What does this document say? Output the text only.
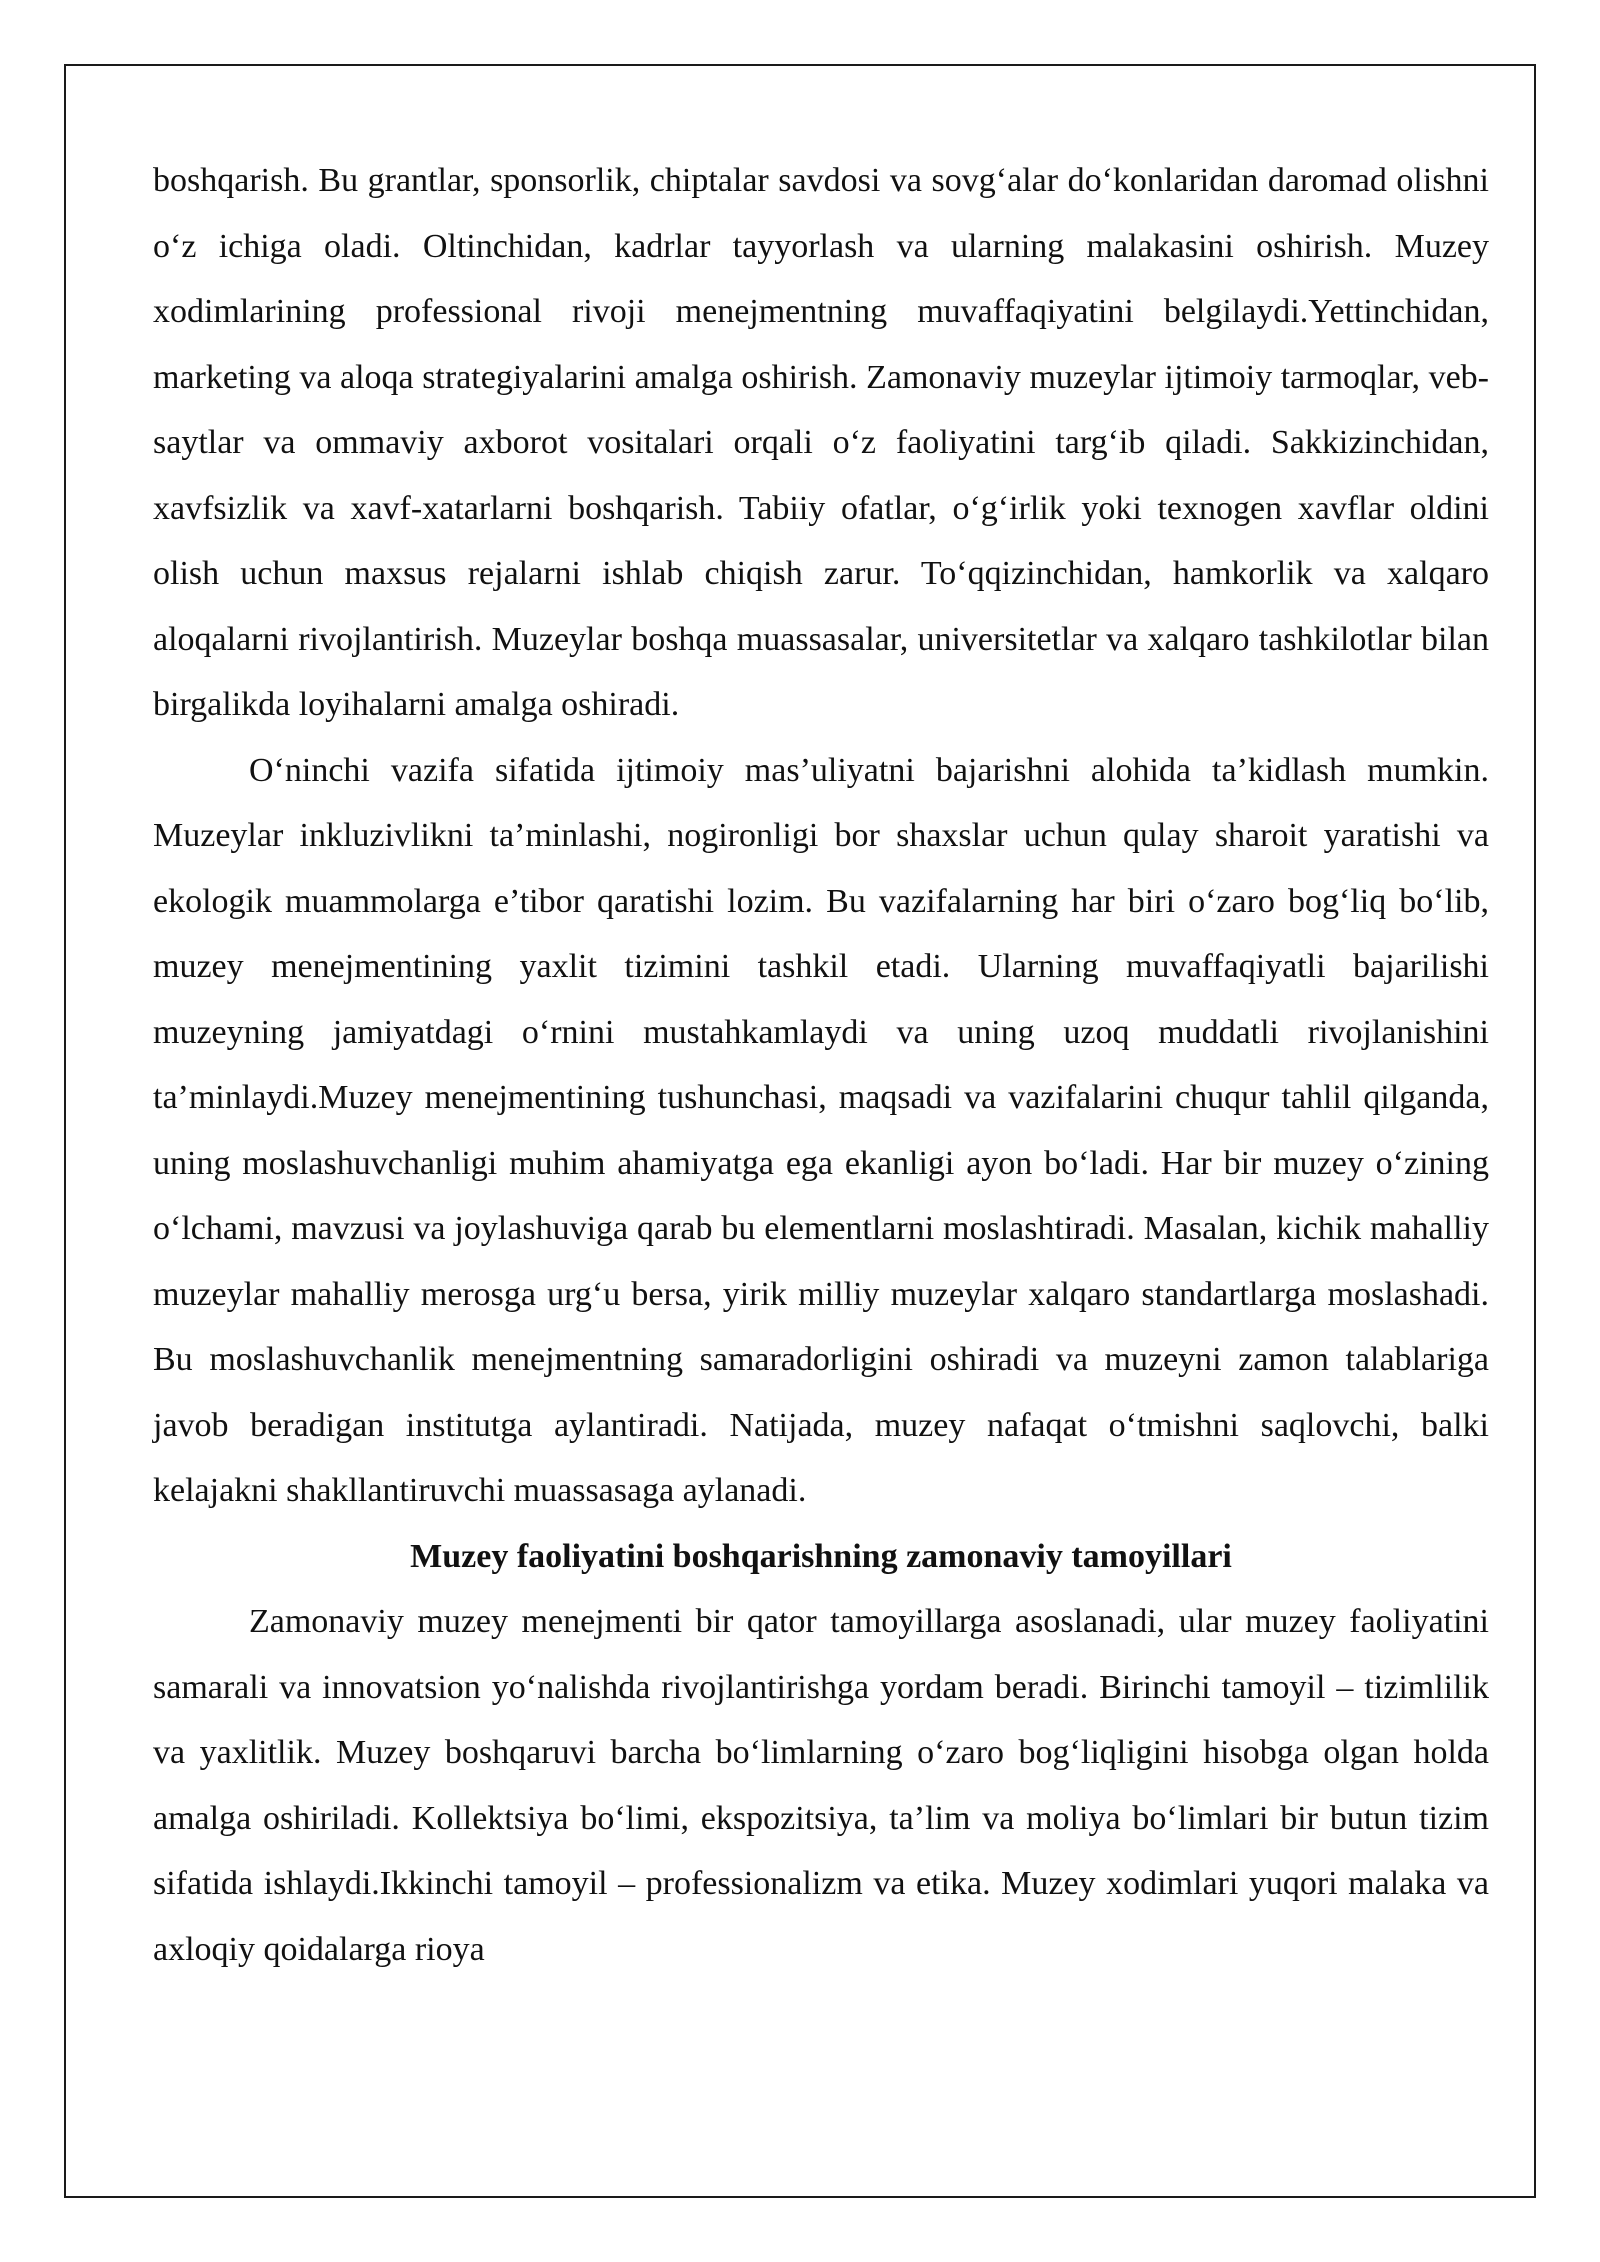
boshqarish. Bu grantlar, sponsorlik, chiptalar savdosi va sovg‘alar do‘konlaridan daromad olishni o‘z ichiga oladi. Oltinchidan, kadrlar tayyorlash va ularning malakasini oshirish. Muzey xodimlarining professional rivoji menejmentning muvaffaqiyatini belgilaydi.Yettinchidan, marketing va aloqa strategiyalarini amalga oshirish. Zamonaviy muzeylar ijtimoiy tarmoqlar, veb-saytlar va ommaviy axborot vositalari orqali o‘z faoliyatini targ‘ib qiladi. Sakkizinchidan, xavfsizlik va xavf-xatarlarni boshqarish. Tabiiy ofatlar, o‘g‘irlik yoki texnogen xavflar oldini olish uchun maxsus rejalarni ishlab chiqish zarur. To‘qqizinchidan, hamkorlik va xalqaro aloqalarni rivojlantirish. Muzeylar boshqa muassasalar, universitetlar va xalqaro tashkilotlar bilan birgalikda loyihalarni amalga oshiradi.

O‘ninchi vazifa sifatida ijtimoiy mas’uliyatni bajarishni alohida ta’kidlash mumkin. Muzeylar inkluzivlikni ta’minlashi, nogironligi bor shaxslar uchun qulay sharoit yaratishi va ekologik muammolarga e’tibor qaratishi lozim. Bu vazifalarning har biri o‘zaro bog‘liq bo‘lib, muzey menejmentining yaxlit tizimini tashkil etadi. Ularning muvaffaqiyatli bajarilishi muzeyning jamiyatdagi o‘rnini mustahkamlaydi va uning uzoq muddatli rivojlanishini ta’minlaydi.Muzey menejmentining tushunchasi, maqsadi va vazifalarini chuqur tahlil qilganda, uning moslashuvchanligi muhim ahamiyatga ega ekanligi ayon bo‘ladi. Har bir muzey o‘zining o‘lchami, mavzusi va joylashuviga qarab bu elementlarni moslashtiradi. Masalan, kichik mahalliy muzeylar mahalliy merosga urg‘u bersa, yirik milliy muzeylar xalqaro standartlarga moslashadi. Bu moslashuvchanlik menejmentning samaradorligini oshiradi va muzeyni zamon talablariga javob beradigan institutga aylantiradi. Natijada, muzey nafaqat o‘tmishni saqlovchi, balki kelajakni shakllantiruvchi muassasaga aylanadi.

Muzey faoliyatini boshqarishning zamonaviy tamoyillari

Zamonaviy muzey menejmenti bir qator tamoyillarga asoslanadi, ular muzey faoliyatini samarali va innovatsion yo‘nalishda rivojlantirishga yordam beradi. Birinchi tamoyil – tizimlilik va yaxlitlik. Muzey boshqaruvi barcha bo‘limlarning o‘zaro bog‘liqligini hisobga olgan holda amalga oshiriladi. Kollektsiya bo‘limi, ekspozitsiya, ta’lim va moliya bo‘limlari bir butun tizim sifatida ishlaydi.Ikkinchi tamoyil – professionalizm va etika. Muzey xodimlari yuqori malaka va axloqiy qoidalarga rioya
